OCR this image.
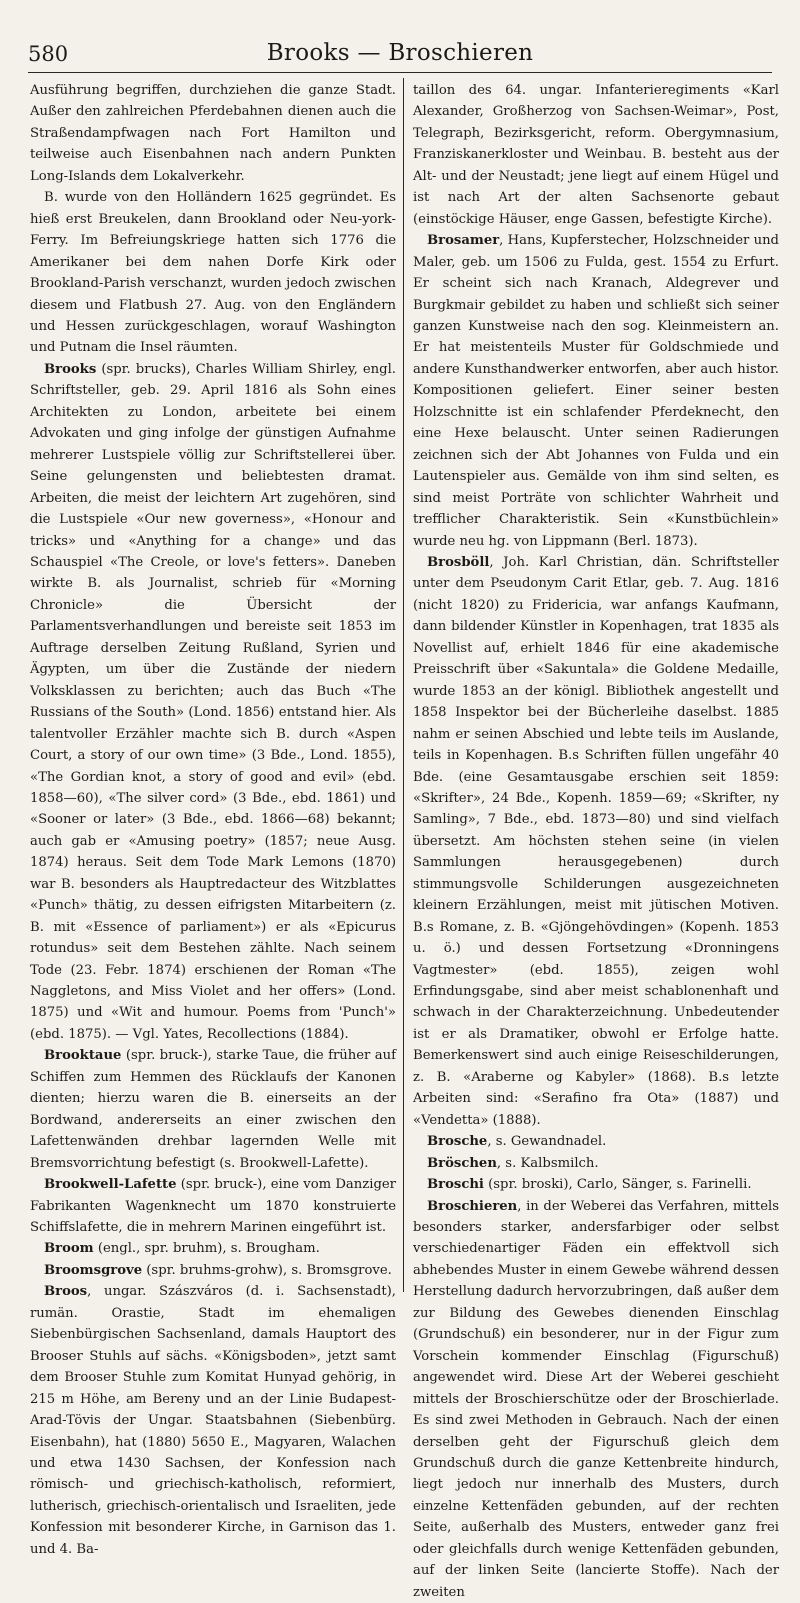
580	Brooks — Broschieren

Ausführung begriffen, durchziehen die ganze Stadt. Außer den zahlreichen Pferdebahnen dienen auch die Straßendampfwagen nach Fort Hamilton und teilweise auch Eisenbahnen nach andern Punkten Long-Islands dem Lokalverkehr.

B. wurde von den Holländern 1625 gegründet. Es hieß erst Breukelen, dann Brookland oder Neu-york-Ferry. Im Befreiungskriege hatten sich 1776 die Amerikaner bei dem nahen Dorfe Kirk oder Brookland-Parish verschanzt, wurden jedoch zwischen diesem und Flatbush 27. Aug. von den Engländern und Hessen zurückgeschlagen, worauf Washington und Putnam die Insel räumten.

Brooks (spr. brucks), Charles William Shirley, engl. Schriftsteller, geb. 29. April 1816 als Sohn eines Architekten zu London, arbeitete bei einem Advokaten und ging infolge der günstigen Aufnahme mehrerer Lustspiele völlig zur Schriftstellerei über. Seine gelungensten und beliebtesten dramat. Arbeiten, die meist der leichtern Art zugehören, sind die Lustspiele «Our new governess», «Honour and tricks» und «Anything for a change» und das Schauspiel «The Creole, or love's fetters». Daneben wirkte B. als Journalist, schrieb für «Morning Chronicle» die Übersicht der Parlamentsverhandlungen und bereiste seit 1853 im Auftrage derselben Zeitung Rußland, Syrien und Ägypten, um über die Zustände der niedern Volksklassen zu berichten; auch das Buch «The Russians of the South» (Lond. 1856) entstand hier. Als talentvoller Erzähler machte sich B. durch «Aspen Court, a story of our own time» (3 Bde., Lond. 1855), «The Gordian knot, a story of good and evil» (ebd. 1858—60), «The silver cord» (3 Bde., ebd. 1861) und «Sooner or later» (3 Bde., ebd. 1866—68) bekannt; auch gab er «Amusing poetry» (1857; neue Ausg. 1874) heraus. Seit dem Tode Mark Lemons (1870) war B. besonders als Hauptredacteur des Witzblattes «Punch» thätig, zu dessen eifrigsten Mitarbeitern (z. B. mit «Essence of parliament») er als «Epicurus rotundus» seit dem Bestehen zählte. Nach seinem Tode (23. Febr. 1874) erschienen der Roman «The Naggletons, and Miss Violet and her offers» (Lond. 1875) und «Wit and humour. Poems from 'Punch'» (ebd. 1875). — Vgl. Yates, Recollections (1884).

Brooktaue (spr. bruck-), starke Taue, die früher auf Schiffen zum Hemmen des Rücklaufs der Kanonen dienten; hierzu waren die B. einerseits an der Bordwand, andererseits an einer zwischen den Lafettenwänden drehbar lagernden Welle mit Bremsvorrichtung befestigt (s. Brookwell-Lafette).

Brookwell-Lafette (spr. bruck-), eine vom Danziger Fabrikanten Wagenknecht um 1870 konstruierte Schiffslafette, die in mehrern Marinen eingeführt ist.

Broom (engl., spr. bruhm), s. Brougham.

Broomsgrove (spr. bruhms-grohw), s. Bromsgrove.

Broos, ungar. Szászváros (d. i. Sachsenstadt), rumän. Orastie, Stadt im ehemaligen Siebenbürgischen Sachsenland, damals Hauptort des Brooser Stuhls auf sächs. «Königsboden», jetzt samt dem Brooser Stuhle zum Komitat Hunyad gehörig, in 215 m Höhe, am Bereny und an der Linie Budapest-Arad-Tövis der Ungar. Staatsbahnen (Siebenbürg. Eisenbahn), hat (1880) 5650 E., Magyaren, Walachen und etwa 1430 Sachsen, der Konfession nach römisch- und griechisch-katholisch, reformiert, lutherisch, griechisch-orientalisch und Israeliten, jede Konfession mit besonderer Kirche, in Garnison das 1. und 4. Ba-

taillon des 64. ungar. Infanterieregiments «Karl Alexander, Großherzog von Sachsen-Weimar», Post, Telegraph, Bezirksgericht, reform. Obergymnasium, Franziskanerkloster und Weinbau. B. besteht aus der Alt- und der Neustadt; jene liegt auf einem Hügel und ist nach Art der alten Sachsenorte gebaut (einstöckige Häuser, enge Gassen, befestigte Kirche).

Brosamer, Hans, Kupferstecher, Holzschneider und Maler, geb. um 1506 zu Fulda, gest. 1554 zu Erfurt. Er scheint sich nach Kranach, Aldegrever und Burgkmair gebildet zu haben und schließt sich seiner ganzen Kunstweise nach den sog. Kleinmeistern an. Er hat meistenteils Muster für Goldschmiede und andere Kunsthandwerker entworfen, aber auch histor. Kompositionen geliefert. Einer seiner besten Holzschnitte ist ein schlafender Pferdeknecht, den eine Hexe belauscht. Unter seinen Radierungen zeichnen sich der Abt Johannes von Fulda und ein Lautenspieler aus. Gemälde von ihm sind selten, es sind meist Porträte von schlichter Wahrheit und trefflicher Charakteristik. Sein «Kunstbüchlein» wurde neu hg. von Lippmann (Berl. 1873).

Brosböll, Joh. Karl Christian, dän. Schriftsteller unter dem Pseudonym Carit Etlar, geb. 7. Aug. 1816 (nicht 1820) zu Fridericia, war anfangs Kaufmann, dann bildender Künstler in Kopenhagen, trat 1835 als Novellist auf, erhielt 1846 für eine akademische Preisschrift über «Sakuntala» die Goldene Medaille, wurde 1853 an der königl. Bibliothek angestellt und 1858 Inspektor bei der Bücherleihe daselbst. 1885 nahm er seinen Abschied und lebte teils im Auslande, teils in Kopenhagen. B.s Schriften füllen ungefähr 40 Bde. (eine Gesamtausgabe erschien seit 1859: «Skrifter», 24 Bde., Kopenh. 1859—69; «Skrifter, ny Samling», 7 Bde., ebd. 1873—80) und sind vielfach übersetzt. Am höchsten stehen seine (in vielen Sammlungen herausgegebenen) durch stimmungsvolle Schilderungen ausgezeichneten kleinern Erzählungen, meist mit jütischen Motiven. B.s Romane, z. B. «Gjöngehövdingen» (Kopenh. 1853 u. ö.) und dessen Fortsetzung «Dronningens Vagtmester» (ebd. 1855), zeigen wohl Erfindungsgabe, sind aber meist schablonenhaft und schwach in der Charakterzeichnung. Unbedeutender ist er als Dramatiker, obwohl er Erfolge hatte. Bemerkenswert sind auch einige Reiseschilderungen, z. B. «Araberne og Kabyler» (1868). B.s letzte Arbeiten sind: «Serafino fra Ota» (1887) und «Vendetta» (1888).

Brosche, s. Gewandnadel.

Bröschen, s. Kalbsmilch.

Broschi (spr. broski), Carlo, Sänger, s. Farinelli.

Broschieren, in der Weberei das Verfahren, mittels besonders starker, andersfarbiger oder selbst verschiedenartiger Fäden ein effektvoll sich abhebendes Muster in einem Gewebe während dessen Herstellung dadurch hervorzubringen, daß außer dem zur Bildung des Gewebes dienenden Einschlag (Grundschuß) ein besonderer, nur in der Figur zum Vorschein kommender Einschlag (Figurschuß) angewendet wird. Diese Art der Weberei geschieht mittels der Broschierschütze oder der Broschierlade. Es sind zwei Methoden in Gebrauch. Nach der einen derselben geht der Figurschuß gleich dem Grundschuß durch die ganze Kettenbreite hindurch, liegt jedoch nur innerhalb des Musters, durch einzelne Kettenfäden gebunden, auf der rechten Seite, außerhalb des Musters, entweder ganz frei oder gleichfalls durch wenige Kettenfäden gebunden, auf der linken Seite (lancierte Stoffe). Nach der zweiten
